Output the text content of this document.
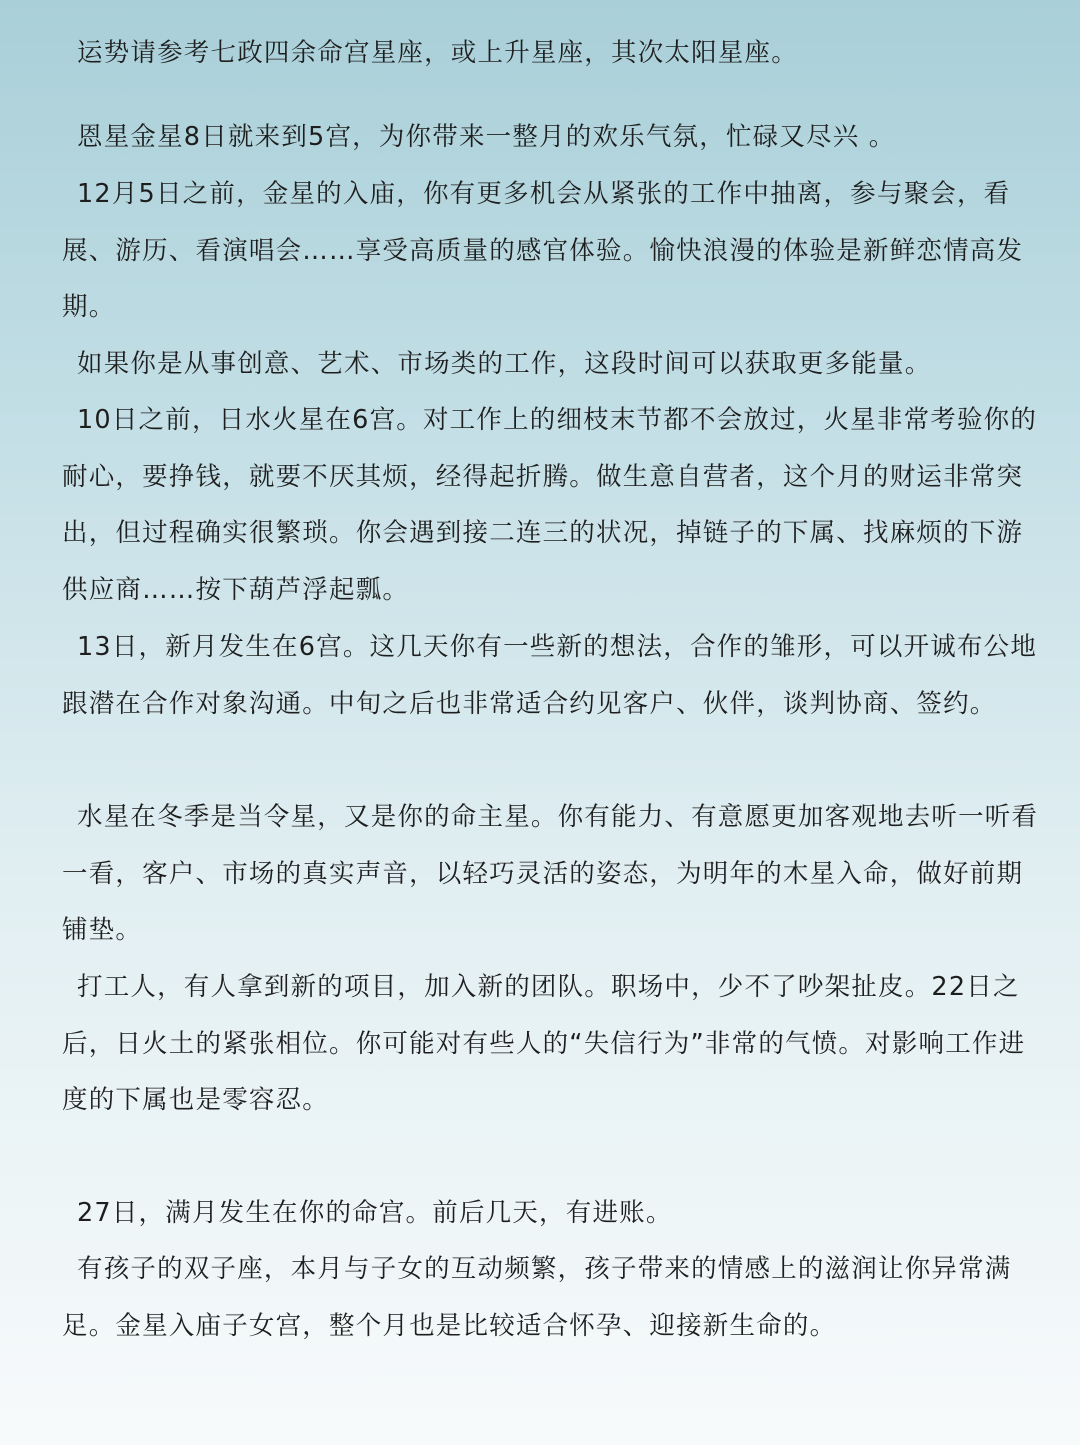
运势请参考七政四余命宫星座，或上升星座，其次太阳星座。

恩星金星8日就来到5宫，为你带来一整月的欢乐气氛，忙碌又尽兴 。

12月5日之前，金星的入庙，你有更多机会从紧张的工作中抽离，参与聚会，看展、游历、看演唱会……享受高质量的感官体验。愉快浪漫的体验是新鲜恋情高发期。

如果你是从事创意、艺术、市场类的工作，这段时间可以获取更多能量。

10日之前，日水火星在6宫。对工作上的细枝末节都不会放过，火星非常考验你的耐心，要挣钱，就要不厌其烦，经得起折腾。做生意自营者，这个月的财运非常突出，但过程确实很繁琐。你会遇到接二连三的状况，掉链子的下属、找麻烦的下游供应商……按下葫芦浮起瓢。

13日，新月发生在6宫。这几天你有一些新的想法，合作的雏形，可以开诚布公地跟潜在合作对象沟通。中旬之后也非常适合约见客户、伙伴，谈判协商、签约。

水星在冬季是当令星，又是你的命主星。你有能力、有意愿更加客观地去听一听看一看，客户、市场的真实声音，以轻巧灵活的姿态，为明年的木星入命，做好前期铺垫。

打工人，有人拿到新的项目，加入新的团队。职场中，少不了吵架扯皮。22日之后，日火土的紧张相位。你可能对有些人的“失信行为”非常的气愤。对影响工作进度的下属也是零容忍。

27日，满月发生在你的命宫。前后几天，有进账。

有孩子的双子座，本月与子女的互动频繁，孩子带来的情感上的滋润让你异常满足。金星入庙子女宫，整个月也是比较适合怀孕、迎接新生命的。
